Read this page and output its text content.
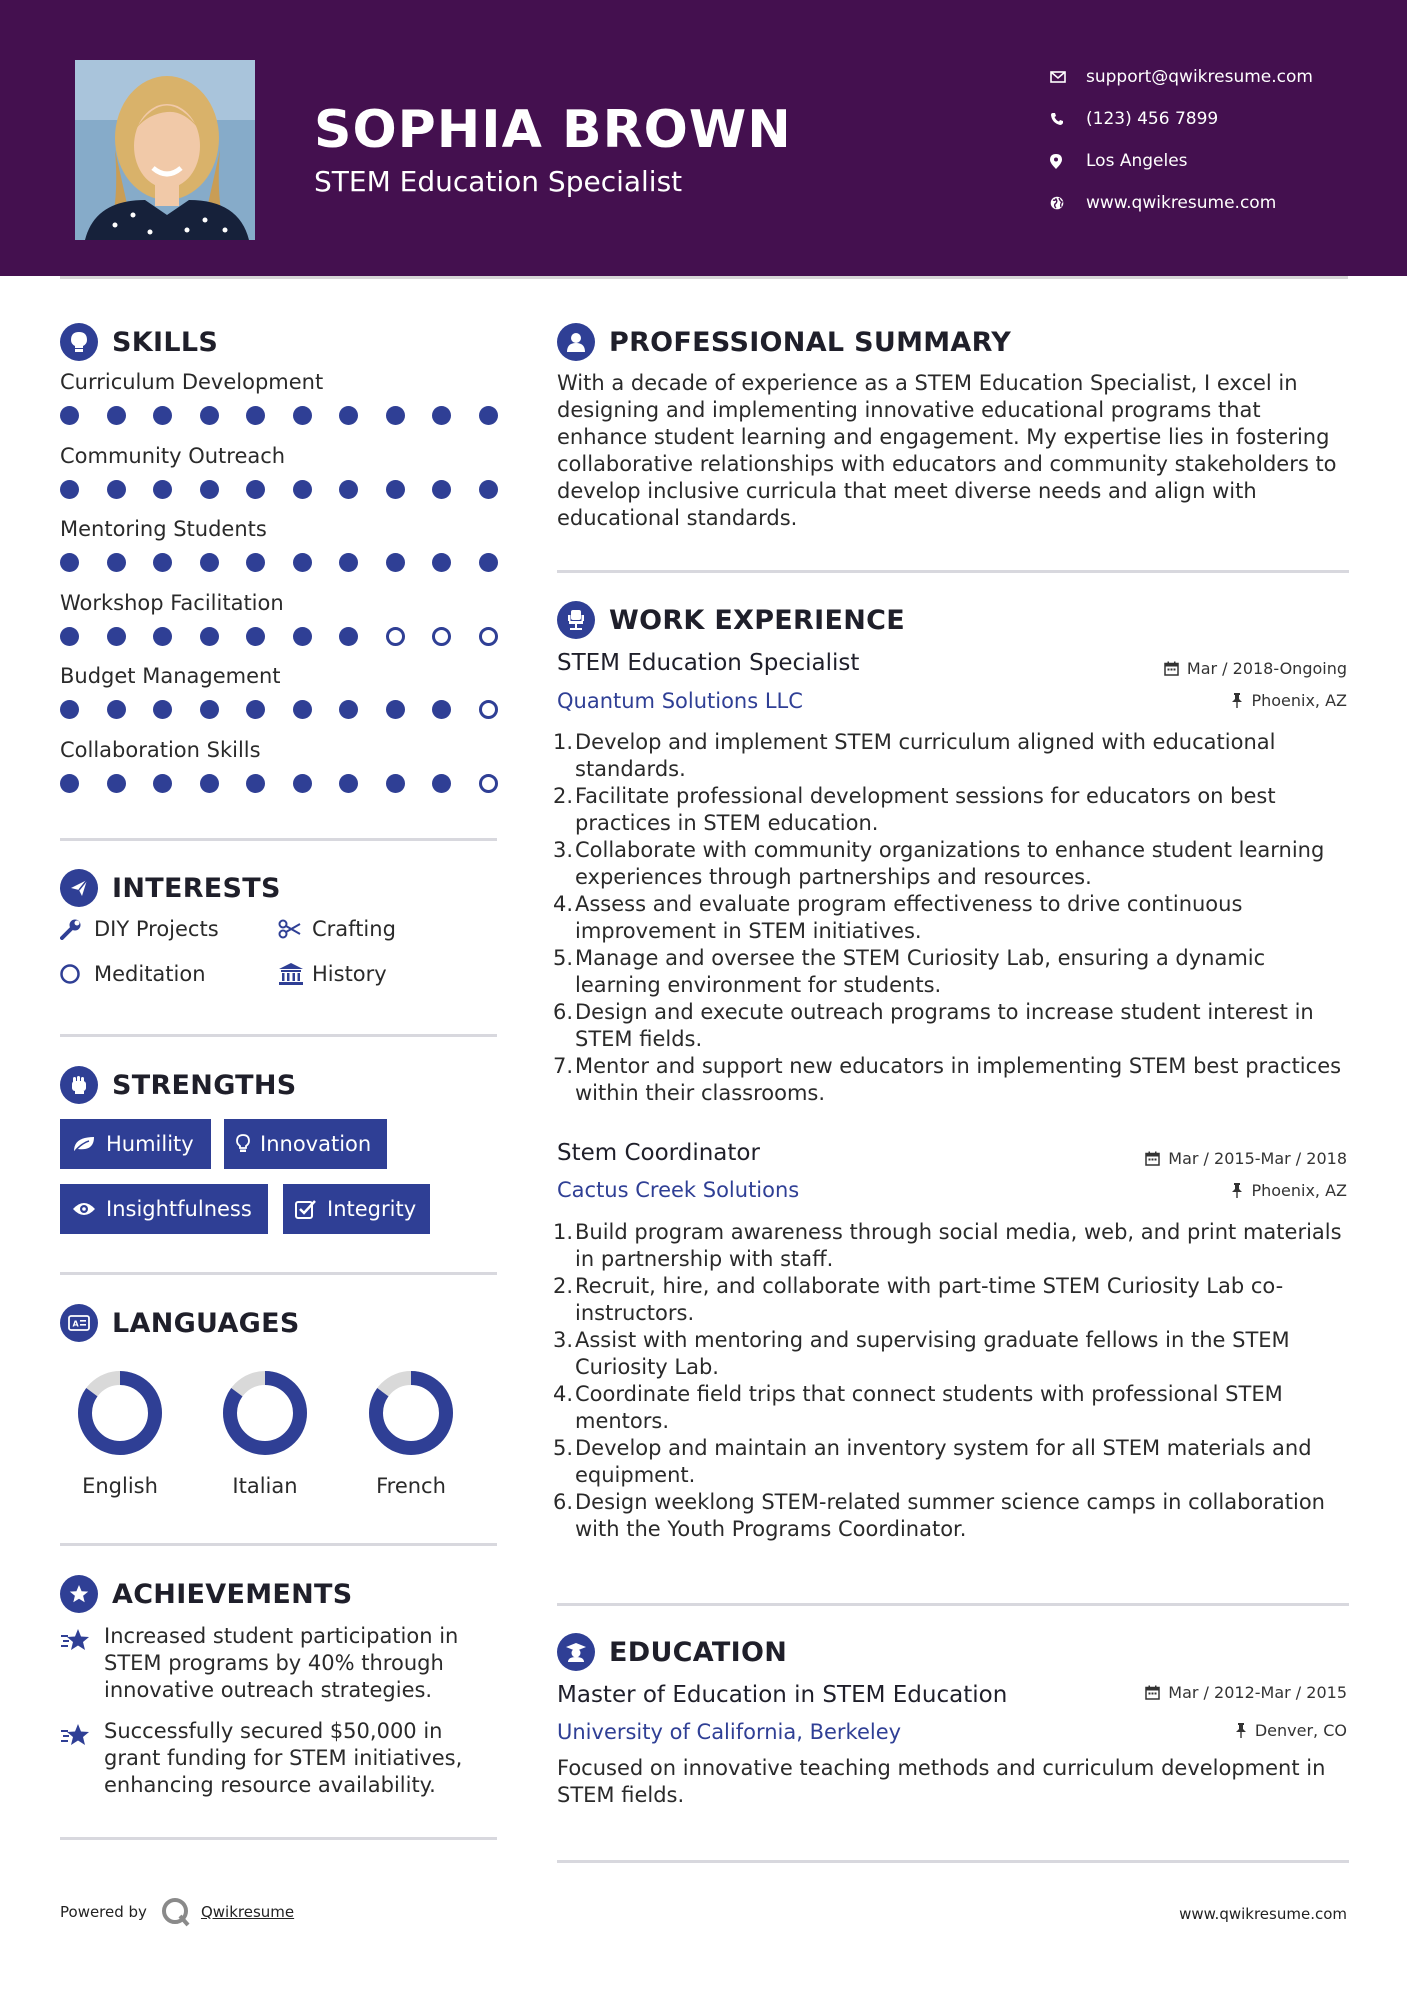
SOPHIA BROWN
STEM Education Specialist
support@qwikresume.com
(123) 456 7899
Los Angeles
www.qwikresume.com
SKILLS
Curriculum Development
Community Outreach
Mentoring Students
Workshop Facilitation
Budget Management
Collaboration Skills
INTERESTS
DIY Projects	Crafting
Meditation	History
STRENGTHS
Humility	Innovation
Insightfulness	Integrity
A LANGUAGES
English	Italian	French
ACHIEVEMENTS
Increased student participation in STEM programs by 40% through innovative outreach strategies.
Successfully secured $50,000 in grant funding for STEM initiatives, enhancing resource availability.
PROFESSIONAL SUMMARY
With a decade of experience as a STEM Education Specialist, I excel in designing and implementing innovative educational programs that enhance student learning and engagement. My expertise lies in fostering collaborative relationships with educators and community stakeholders to develop inclusive curricula that meet diverse needs and align with educational standards.
WORK EXPERIENCE
STEM Education Specialist
Quantum Solutions LLC
Mar / 2018-Ongoing
Phoenix, AZ
1. Develop and implement STEM curriculum aligned with educational standards.
2. Facilitate professional development sessions for educators on best practices in STEM education.
3. Collaborate with community organizations to enhance student learning experiences through partnerships and resources.
4. Assess and evaluate program effectiveness to drive continuous improvement in STEM initiatives.
5. Manage and oversee the STEM Curiosity Lab, ensuring a dynamic learning environment for students.
6. Design and execute outreach programs to increase student interest in STEM fields.
7. Mentor and support new educators in implementing STEM best practices within their classrooms.
Stem Coordinator
Cactus Creek Solutions
Mar / 2015-Mar / 2018
Phoenix, AZ
1. Build program awareness through social media, web, and print materials in partnership with staff.
2. Recruit, hire, and collaborate with part-time STEM Curiosity Lab co-instructors.
3. Assist with mentoring and supervising graduate fellows in the STEM Curiosity Lab.
4. Coordinate field trips that connect students with professional STEM mentors.
5. Develop and maintain an inventory system for all STEM materials and equipment.
6. Design weeklong STEM-related summer science camps in collaboration with the Youth Programs Coordinator.
EDUCATION
Master of Education in STEM Education
University of California, Berkeley
Mar / 2012-Mar / 2015
Denver, CO
Focused on innovative teaching methods and curriculum development in STEM fields.
Powered by	Qwikresume	www.qwikresume.com
